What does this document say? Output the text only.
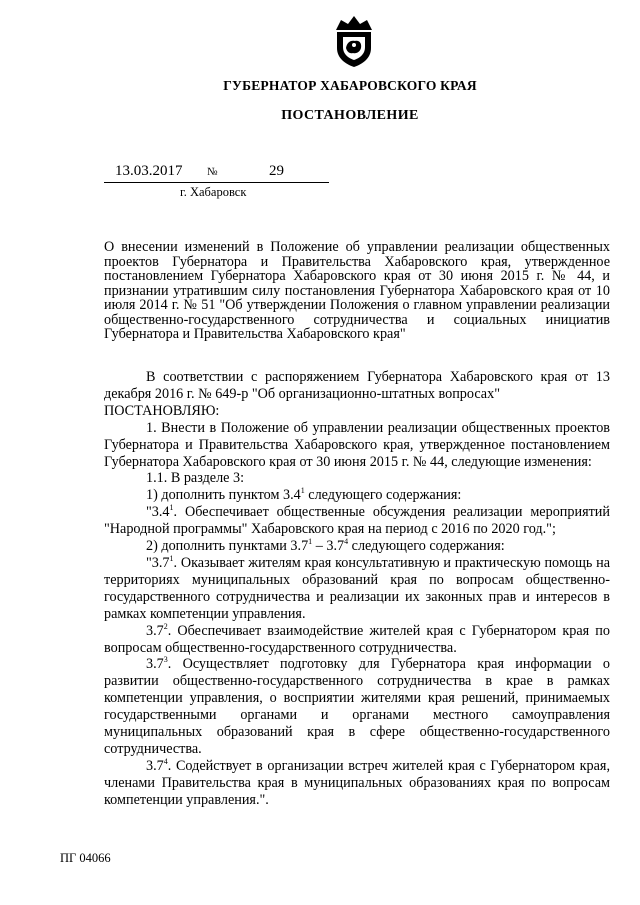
ГУБЕРНАТОР ХАБАРОВСКОГО КРАЯ
ПОСТАНОВЛЕНИЕ
13.03.2017 №	29
г. Хабаровск
О внесении изменений в Положение об управлении реализации общественных проектов Губернатора и Правительства Хабаровского края, утвержденное постановлением Губернатора Хабаровского края от 30 июня 2015 г. № 44, и признании утратившим силу постановления Губернатора Хабаровского края от 10 июля 2014 г. № 51 "Об утверждении Положения о главном управлении реализации общественно-государственного сотрудничества и социальных инициатив Губернатора и Правительства Хабаровского края"

В соответствии с распоряжением Губернатора Хабаровского края от 13 декабря 2016 г. № 649-р "Об организационно-штатных вопросах"

ПОСТАНОВЛЯЮ:

1. Внести в Положение об управлении реализации общественных проектов Губернатора и Правительства Хабаровского края, утвержденное постановлением Губернатора Хабаровского края от 30 июня 2015 г. № 44, следующие изменения:

1.1. В разделе 3:

1) дополнить пунктом $3.4^1$ следующего содержания:

"$3.4^1$. Обеспечивает общественные обсуждения реализации мероприятий "Народной программы" Хабаровского края на период с 2016 по 2020 год.";

2) дополнить пунктами $3.7^1 - 3.7^4$ следующего содержания:

"$3.7^1$. Оказывает жителям края консультативную и практическую помощь на территориях муниципальных образований края по вопросам общественно-государственного сотрудничества и реализации их законных прав и интересов в рамках компетенции управления.

$3.7^2$. Обеспечивает взаимодействие жителей края с Губернатором края по вопросам общественно-государственного сотрудничества.

$3.7^3$. Осуществляет подготовку для Губернатора края информации о развитии общественно-государственного сотрудничества в крае в рамках компетенции управления, о восприятии жителями края решений, принимаемых государственными органами и органами местного самоуправления муниципальных образований края в сфере общественно-государственного сотрудничества.

$3.7^4$. Содействует в организации встреч жителей края с Губернатором края, членами Правительства края в муниципальных образованиях края по вопросам компетенции управления.".

ПГ 04066
